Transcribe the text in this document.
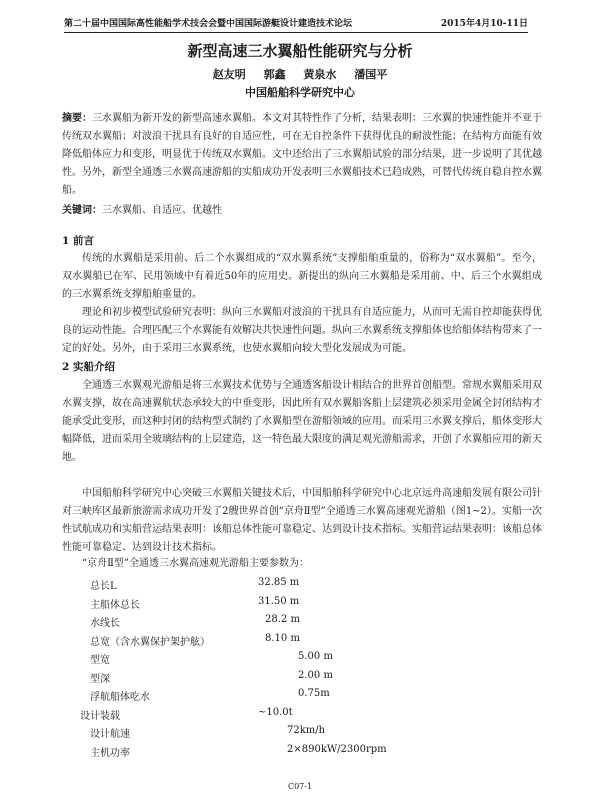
第二十届中国国际高性能船学术技会会暨中国国际游艇设计建造技术论坛	2015年4月10-11日
新型高速三水翼船性能研究与分析
赵友明 郭鑫 黄泉水 潘国平
中国船舶科学研究中心
摘要：三水翼船为新开发的新型高速水翼船。本文对其特性作了分析，结果表明：三水翼的快速性能并不亚于传统双水翼船；对波浪干扰具有良好的自适应性，可在无自控条件下获得优良的耐波性能；在结构方面能有效降低船体应力和变形，明显优于传统双水翼船。文中还给出了三水翼船试验的部分结果，进一步说明了其优越性。另外，新型全通透三水翼高速游船的实船成功开发表明三水翼船技术已趋成熟，可替代传统自稳自控水翼船。
关键词：三水翼船、自适应、优越性
1 前言
传统的水翼船是采用前、后二个水翼组成的“双水翼系统”支撑船舶重量的，俗称为“双水翼船”。至今，双水翼船已在军、民用领域中有着近50年的应用史。新提出的纵向三水翼船是采用前、中、后三个水翼组成的三水翼系统支撑船舶重量的。
理论和初步模型试验研究表明：纵向三水翼船对波浪的干扰具有自适应能力，从而可无需自控却能获得优良的运动性能。合理匹配三个水翼能有效解决共快速性问题。纵向三水翼系统支撑船体也给船体结构带来了一定的好处。另外，由于采用三水翼系统，也使水翼船向较大型化发展成为可能。
2 实船介绍
全通透三水翼观光游船是将三水翼技术优势与全通透客船设计相结合的世界首创船型。常规水翼船采用双水翼支撑，故在高速翼航状态承较大的中垂变形，因此所有双水翼船客船上层建筑必须采用金属全封闭结构才能承受此变形，而这种封闭的结构型式制约了水翼船型在游船领域的应用。而采用三水翼支撑后，船体变形大幅降低，进而采用全玻璃结构的上层建造，这一特色最大限度的满足观光游船需求，开创了水翼船应用的新天地。
中国船舶科学研究中心突破三水翼船关键技术后，中国船舶科学研究中心北京远舟高速船发展有限公司针对三峡库区最新旅游需求成功开发了2艘世界首创“京舟Ⅱ型”全通透三水翼高速观光游船（图1~2）。实船一次性试航成功和实船营运结果表明：该船总体性能可靠稳定、达到设计技术指标。实船营运结果表明：该船总体性能可靠稳定、达到设计技术指标。
“京舟Ⅱ型”全通透三水翼高速观光游船主要参数为：
总长L	32.85 m
主船体总长	31.50 m
水线长	28.2 m
总宽（含水翼保护架护舷）	8.10 m
型宽	5.00 m
型深	2.00 m
浮航船体吃水	0.75m
设计装载	~10.0t
设计航速	72km/h
主机功率	2×890kW/2300rpm
C07-1
